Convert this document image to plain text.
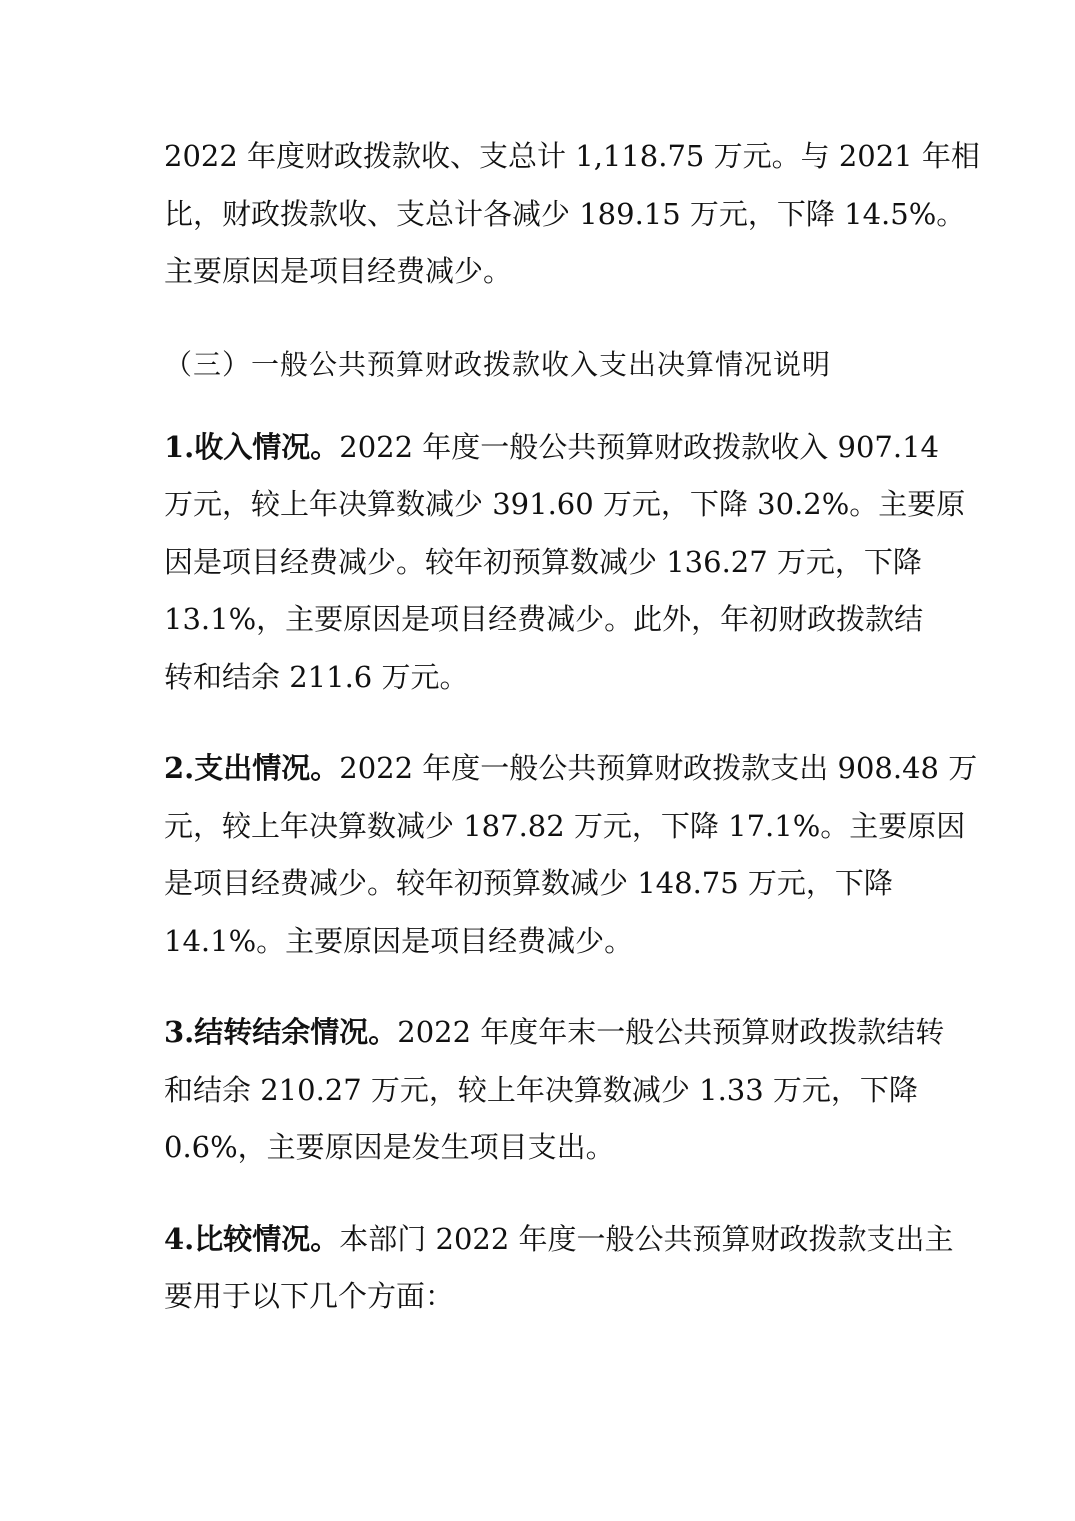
2022 年度财政拨款收、支总计 1,118.75 万元。与 2021 年相
比，财政拨款收、支总计各减少 189.15 万元，下降 14.5%。
主要原因是项目经费减少。

（三）一般公共预算财政拨款收入支出决算情况说明

1.收入情况。2022 年度一般公共预算财政拨款收入 907.14
万元，较上年决算数减少 391.60 万元，下降 30.2%。主要原
因是项目经费减少。较年初预算数减少 136.27 万元，下降
13.1%，主要原因是项目经费减少。此外，年初财政拨款结
转和结余 211.6 万元。

2.支出情况。2022 年度一般公共预算财政拨款支出 908.48 万
元，较上年决算数减少 187.82 万元，下降 17.1%。主要原因
是项目经费减少。较年初预算数减少 148.75 万元，下降
14.1%。主要原因是项目经费减少。

3.结转结余情况。2022 年度年末一般公共预算财政拨款结转
和结余 210.27 万元，较上年决算数减少 1.33 万元，下降
0.6%，主要原因是发生项目支出。

4.比较情况。本部门 2022 年度一般公共预算财政拨款支出主
要用于以下几个方面：
